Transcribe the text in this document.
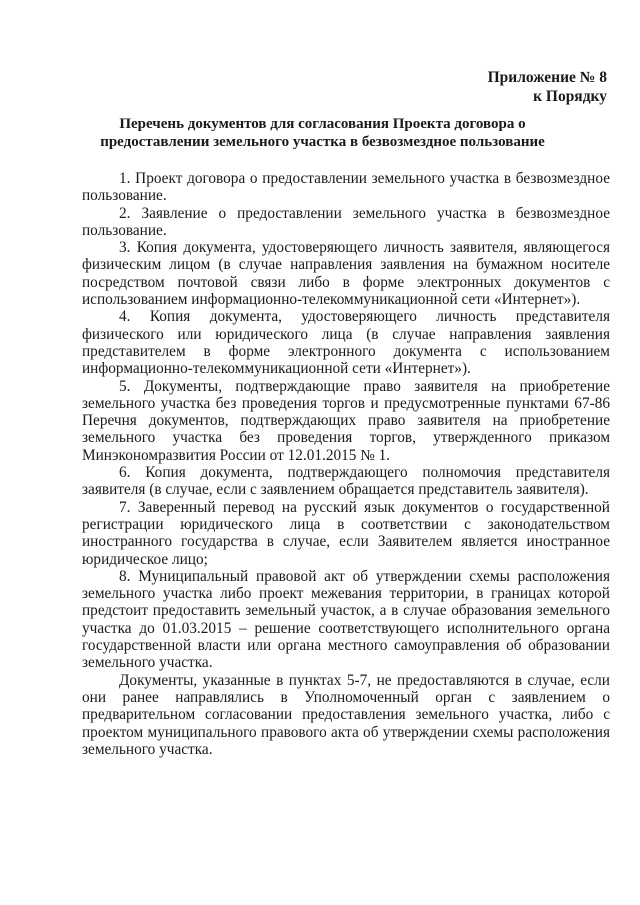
Приложение № 8
к Порядку
Перечень документов для согласования Проекта договора о
предоставлении земельного участка в безвозмездное пользование

1. Проект договора о предоставлении земельного участка в безвозмездное пользование.

2. Заявление о предоставлении земельного участка в безвозмездное пользование.

3. Копия документа, удостоверяющего личность заявителя, являющегося физическим лицом (в случае направления заявления на бумажном носителе посредством почтовой связи либо в форме электронных документов с использованием информационно-телекоммуникационной сети «Интернет»).

4. Копия документа, удостоверяющего личность представителя физического или юридического лица (в случае направления заявления представителем в форме электронного документа с использованием информационно-телекоммуникационной сети «Интернет»).

5. Документы, подтверждающие право заявителя на приобретение земельного участка без проведения торгов и предусмотренные пунктами 67-86 Перечня документов, подтверждающих право заявителя на приобретение земельного участка без проведения торгов, утвержденного приказом Минэкономразвития России от 12.01.2015 № 1.

6. Копия документа, подтверждающего полномочия представителя заявителя (в случае, если с заявлением обращается представитель заявителя).

7. Заверенный перевод на русский язык документов о государственной регистрации юридического лица в соответствии с законодательством иностранного государства в случае, если Заявителем является иностранное юридическое лицо;

8. Муниципальный правовой акт об утверждении схемы расположения земельного участка либо проект межевания территории, в границах которой предстоит предоставить земельный участок, а в случае образования земельного участка до 01.03.2015 – решение соответствующего исполнительного органа государственной власти или органа местного самоуправления об образовании земельного участка.

Документы, указанные в пунктах 5-7, не предоставляются в случае, если они ранее направлялись в Уполномоченный орган с заявлением о предварительном согласовании предоставления земельного участка, либо с проектом муниципального правового акта об утверждении схемы расположения земельного участка.
